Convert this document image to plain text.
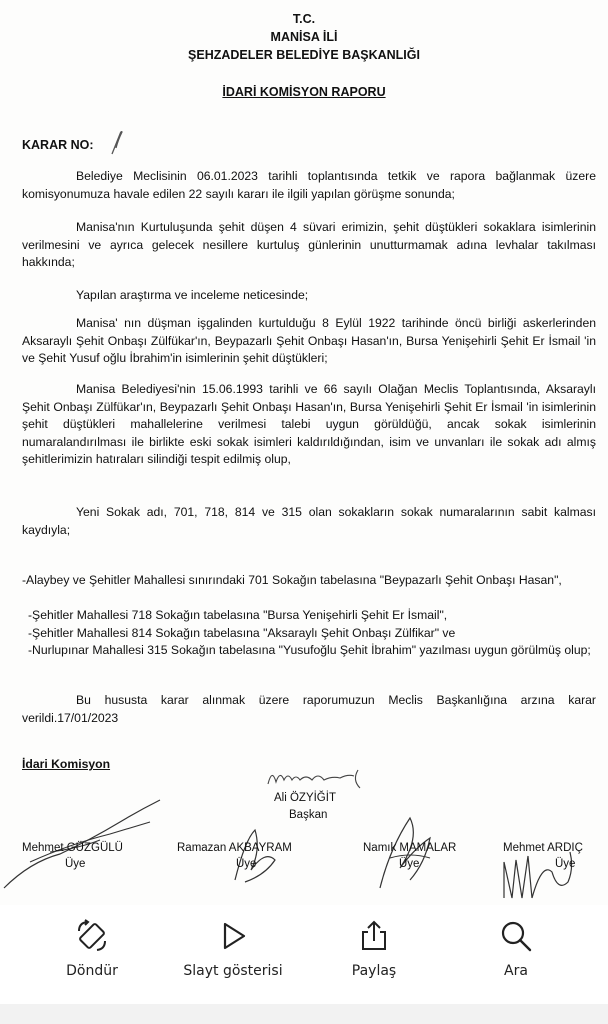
T.C.
MANİSA İLİ
ŞEHZADELER BELEDİYE BAŞKANLIĞI
İDARİ KOMİSYON RAPORU
KARAR NO:
Belediye Meclisinin 06.01.2023 tarihli toplantısında tetkik ve rapora bağlanmak üzere komisyonumuza havale edilen 22 sayılı kararı ile ilgili yapılan görüşme sonunda;
Manisa'nın Kurtuluşunda şehit düşen 4 süvari erimizin, şehit düştükleri sokaklara isimlerinin verilmesini ve ayrıca gelecek nesillere kurtuluş günlerinin unutturmamak adına levhalar takılması hakkında;
Yapılan araştırma ve inceleme neticesinde;
Manisa' nın düşman işgalinden kurtulduğu 8 Eylül 1922 tarihinde öncü birliği askerlerinden Aksaraylı Şehit Onbaşı Zülfükar'ın, Beypazarlı Şehit Onbaşı Hasan'ın, Bursa Yenişehirli Şehit Er İsmail 'in ve Şehit Yusuf oğlu İbrahim'in isimlerinin şehit düştükleri;
Manisa Belediyesi'nin 15.06.1993 tarihli ve 66 sayılı Olağan Meclis Toplantısında, Aksaraylı Şehit Onbaşı Zülfükar'ın, Beypazarlı Şehit Onbaşı Hasan'ın, Bursa Yenişehirli Şehit Er İsmail 'in isimlerinin şehit düştükleri mahallelerine verilmesi talebi uygun görüldüğü, ancak sokak isimlerinin numaralandırılması ile birlikte eski sokak isimleri kaldırıldığından, isim ve unvanları ile sokak adı almış şehitlerimizin hatıraları silindiği tespit edilmiş olup,
Yeni Sokak adı, 701, 718, 814 ve 315 olan sokakların sokak numaralarının sabit kalması kaydıyla;
-Alaybey ve Şehitler Mahallesi sınırındaki 701 Sokağın tabelasına "Beypazarlı Şehit Onbaşı Hasan",
-Şehitler Mahallesi 718 Sokağın tabelasına "Bursa Yenişehirli Şehit Er İsmail",
-Şehitler Mahallesi 814 Sokağın tabelasına "Aksaraylı Şehit Onbaşı Zülfikar" ve
-Nurlupınar Mahallesi 315 Sokağın tabelasına "Yusufoğlu Şehit İbrahim" yazılması uygun görülmüş olup;
Bu hususta karar alınmak üzere raporumuzun Meclis Başkanlığına arzına karar verildi.17/01/2023
İdari Komisyon
Ali ÖZYİĞİT
Başkan
Mehmet GÜZGÜLÜ
Üye
Ramazan AKBAYRAM
Üye
Namık MAMALAR
Üye
Mehmet ARDIÇ
Üye
Döndür	Slayt gösterisi	Paylaş	Ara
